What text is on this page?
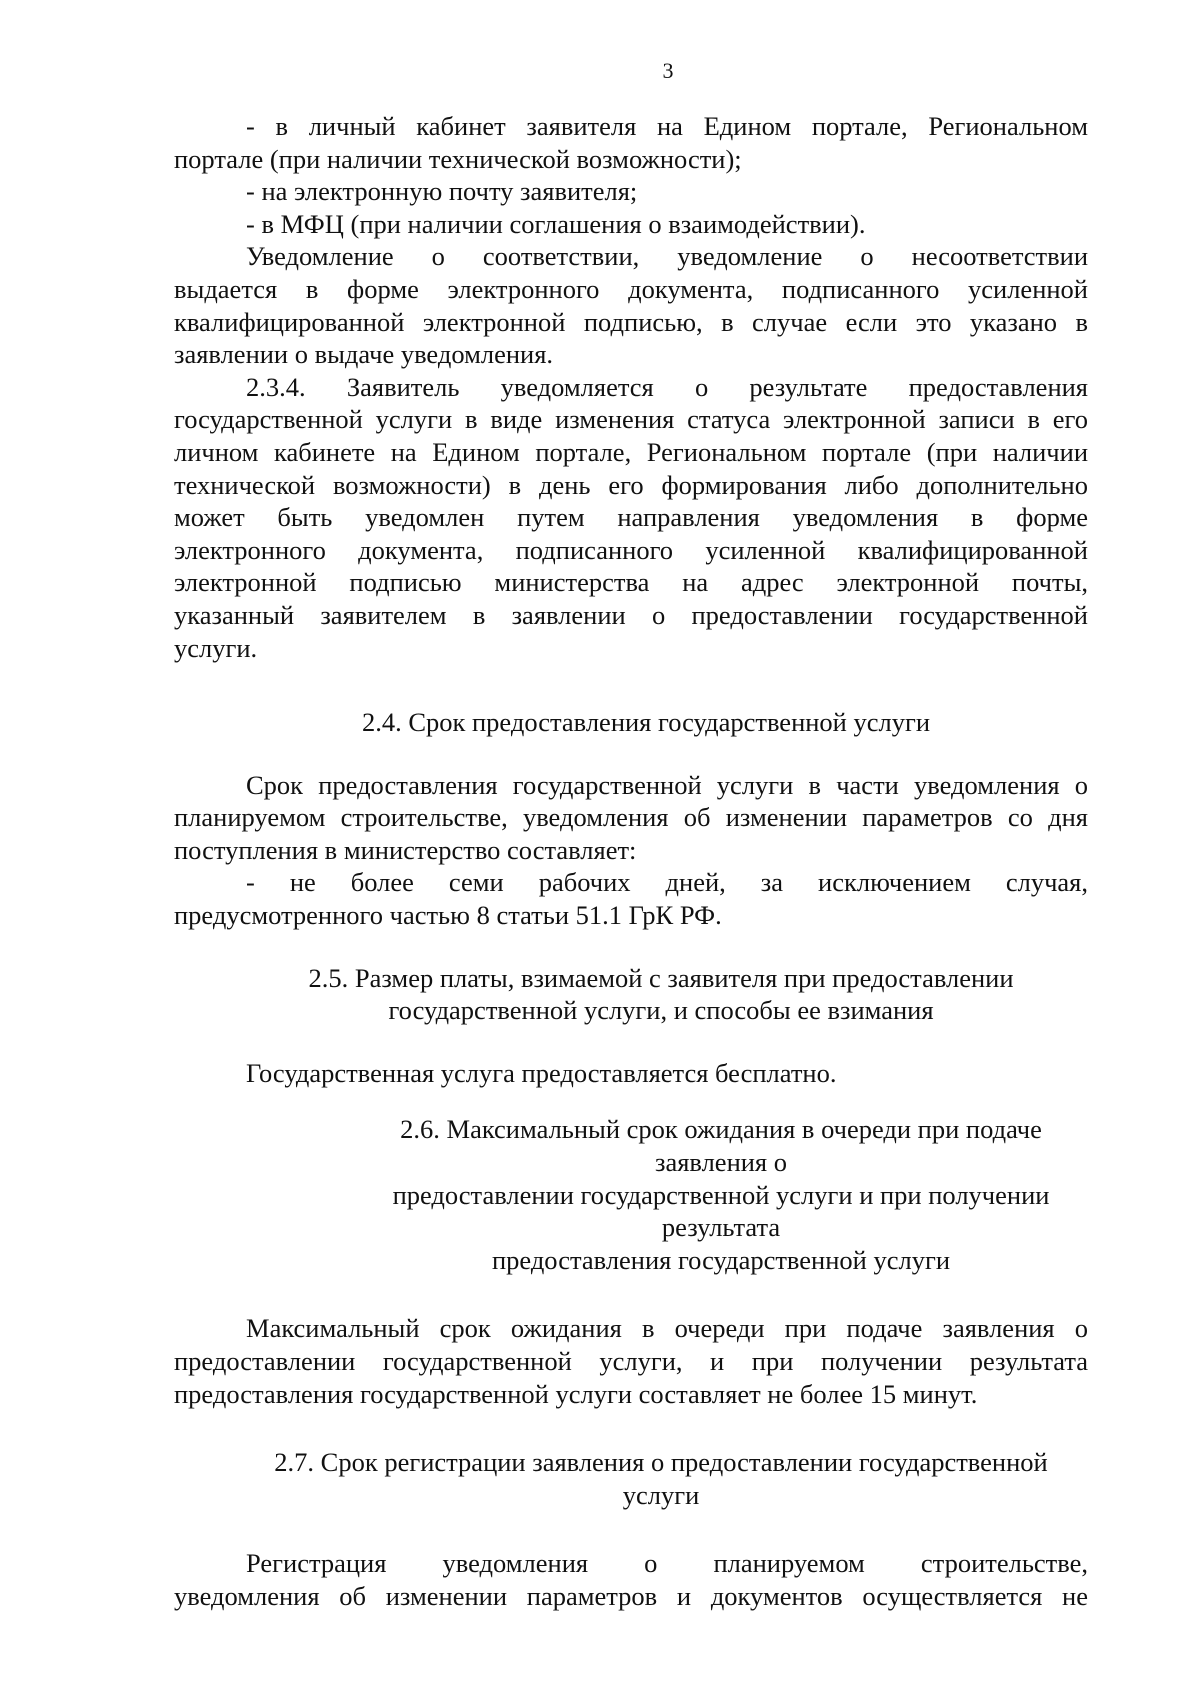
3

- в личный кабинет заявителя на Едином портале, Региональном

портале (при наличии технической возможности);

- на электронную почту заявителя;

- в МФЦ (при наличии соглашения о взаимодействии).

Уведомление о соответствии, уведомление о несоответствии

выдается в форме электронного документа, подписанного усиленной

квалифицированной электронной подписью, в случае если это указано в

заявлении о выдаче уведомления.

2.3.4. Заявитель уведомляется о результате предоставления

государственной услуги в виде изменения статуса электронной записи в его

личном кабинете на Едином портале, Региональном портале (при наличии

технической возможности) в день его формирования либо дополнительно

может быть уведомлен путем направления уведомления в форме

электронного документа, подписанного усиленной квалифицированной

электронной подписью министерства на адрес электронной почты,

указанный заявителем в заявлении о предоставлении государственной

услуги.

2.4. Срок предоставления государственной услуги

Срок предоставления государственной услуги в части уведомления о

планируемом строительстве, уведомления об изменении параметров со дня

поступления в министерство составляет:

- не более семи рабочих дней, за исключением случая,

предусмотренного частью 8 статьи 51.1 ГрК РФ.

2.5. Размер платы, взимаемой с заявителя при предоставлении

государственной услуги, и способы ее взимания

Государственная услуга предоставляется бесплатно.

2.6. Максимальный срок ожидания в очереди при подаче заявления о

предоставлении государственной услуги и при получении результата

предоставления государственной услуги

Максимальный срок ожидания в очереди при подаче заявления о

предоставлении государственной услуги, и при получении результата

предоставления государственной услуги составляет не более 15 минут.

2.7. Срок регистрации заявления о предоставлении государственной

услуги

Регистрация уведомления о планируемом строительстве,

уведомления об изменении параметров и документов осуществляется не
